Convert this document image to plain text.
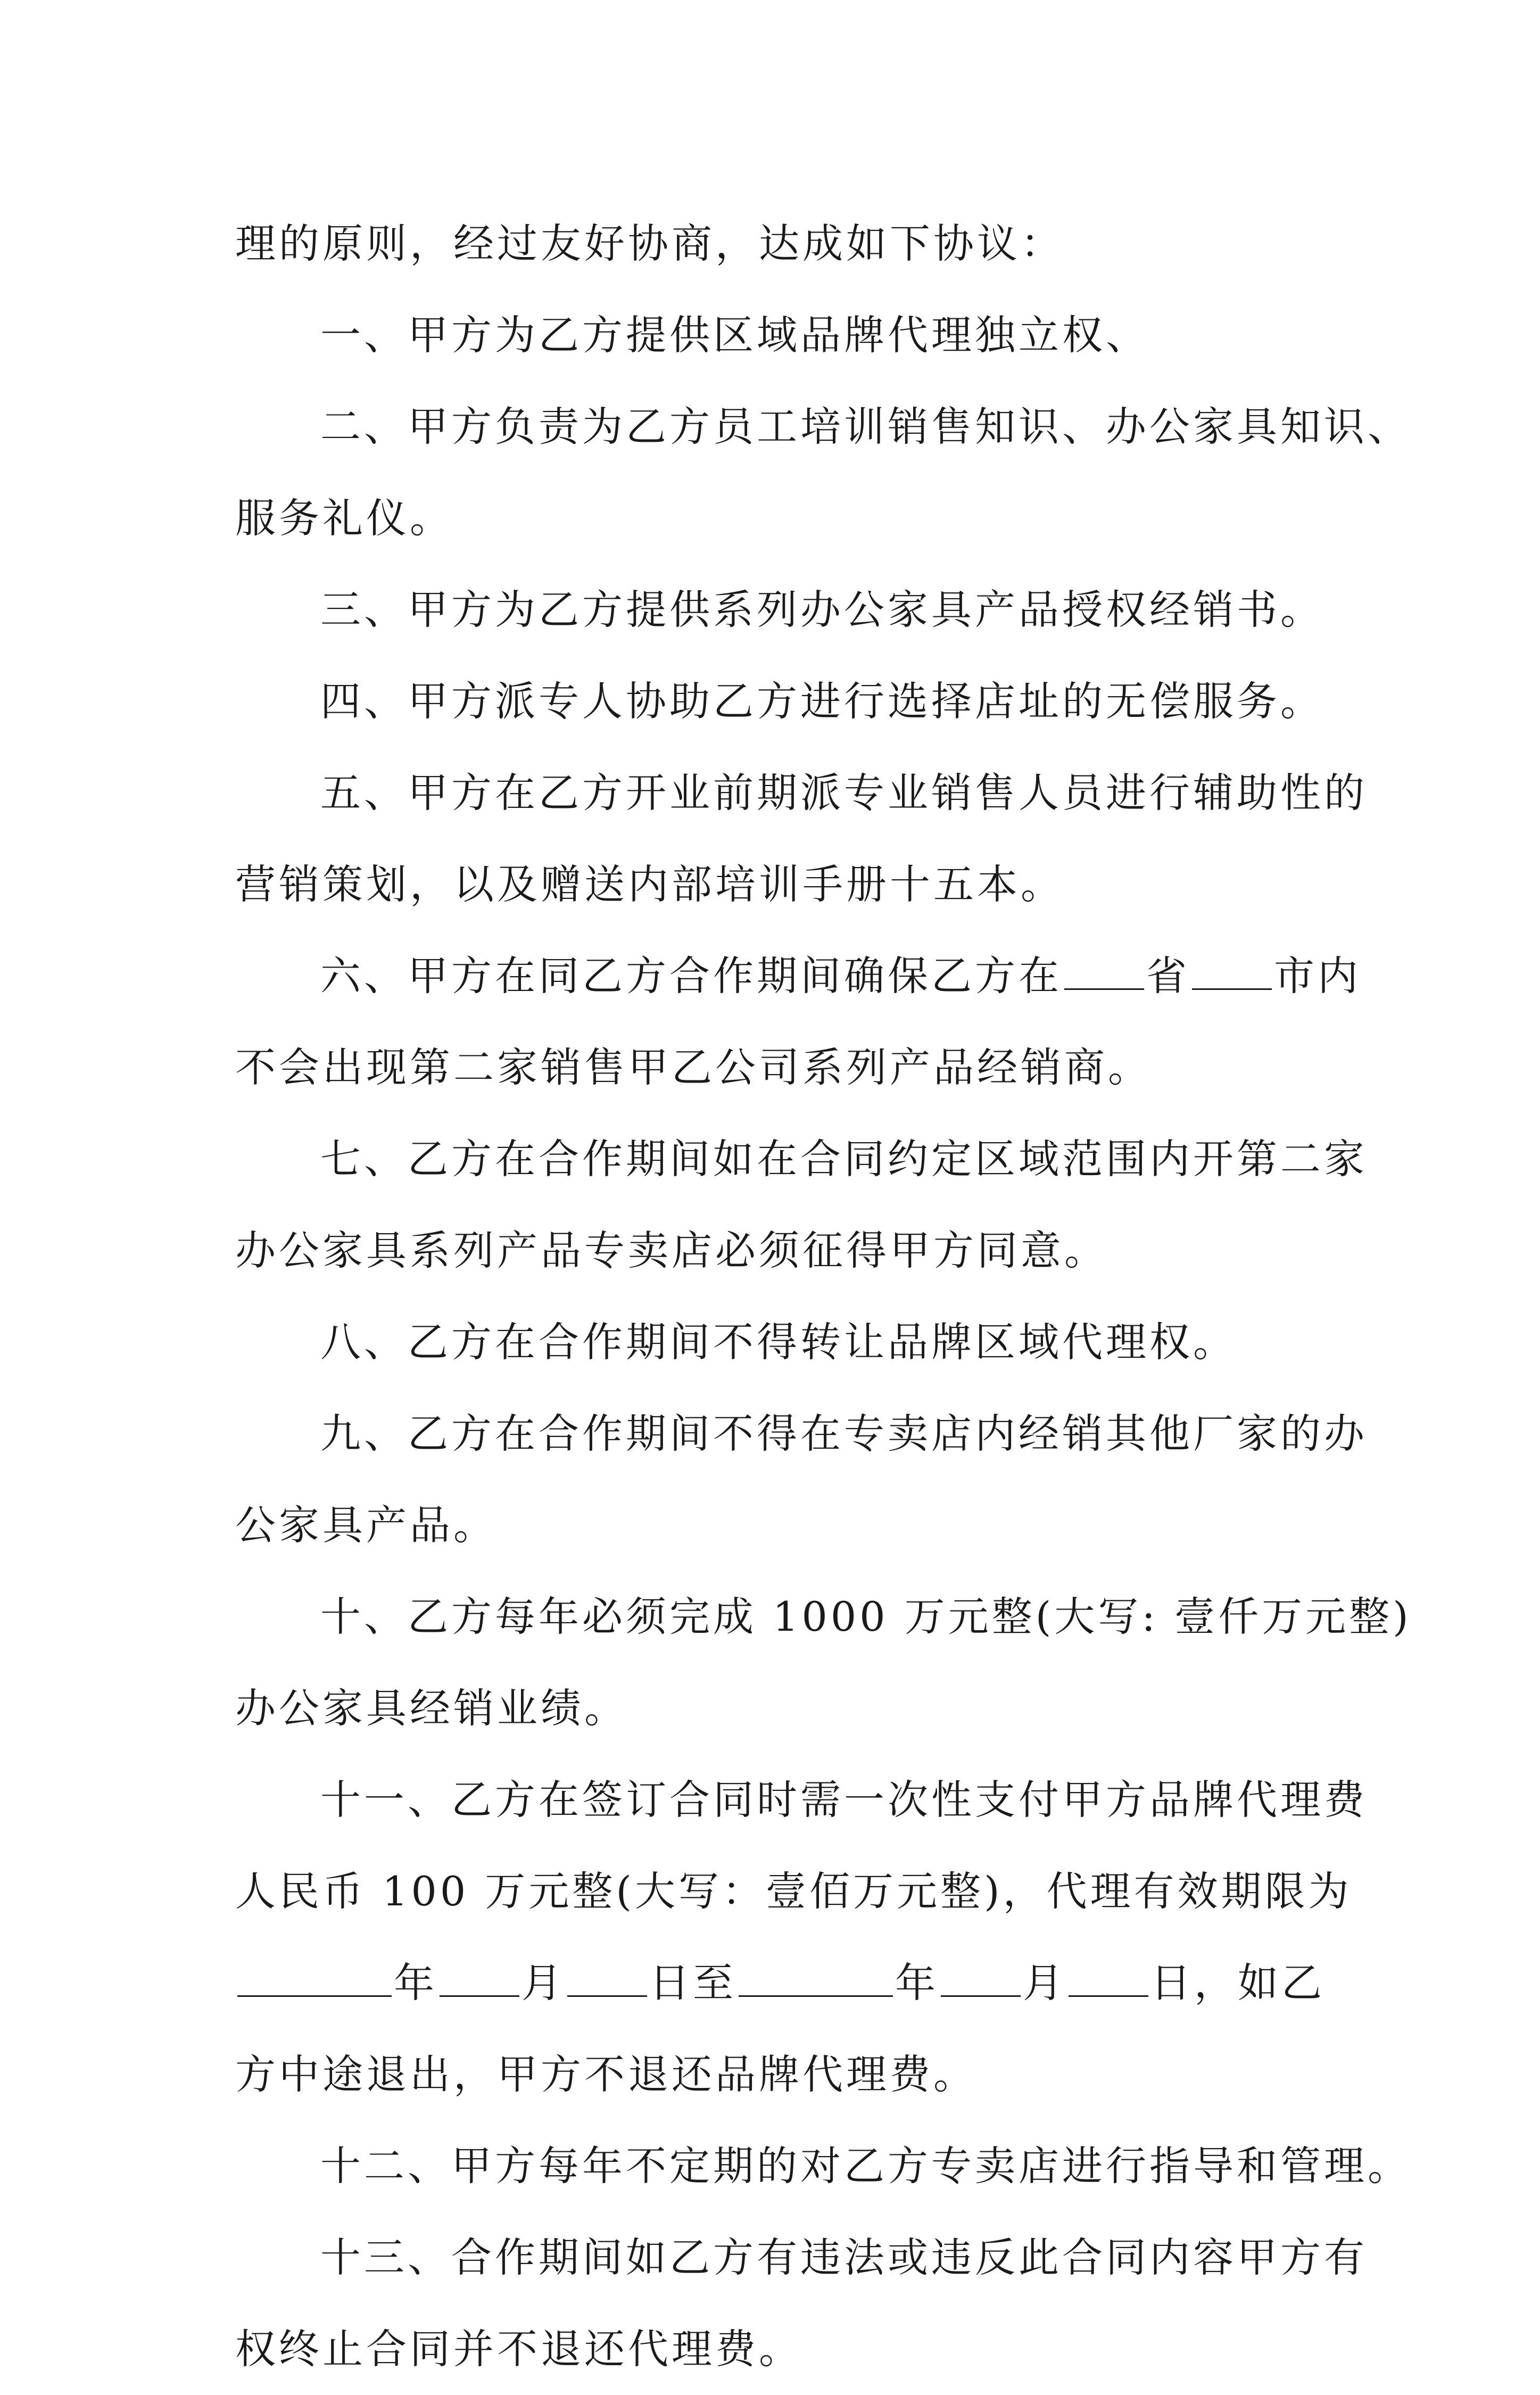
理的原则，经过友好协商，达成如下协议：
一、甲方为乙方提供区域品牌代理独立权、
二、甲方负责为乙方员工培训销售知识、办公家具知识、
服务礼仪。
三、甲方为乙方提供系列办公家具产品授权经销书。
四、甲方派专人协助乙方进行选择店址的无偿服务。
五、甲方在乙方开业前期派专业销售人员进行辅助性的
营销策划，以及赠送内部培训手册十五本。
六、甲方在同乙方合作期间确保乙方在 省 市内
不会出现第二家销售甲乙公司系列产品经销商。
七、乙方在合作期间如在合同约定区域范围内开第二家
办公家具系列产品专卖店必须征得甲方同意。
八、乙方在合作期间不得转让品牌区域代理权。
九、乙方在合作期间不得在专卖店内经销其他厂家的办
公家具产品。
十、乙方每年必须完成 1000 万元整(大写: 壹仟万元整)
办公家具经销业绩。
十一、乙方在签订合同时需一次性支付甲方品牌代理费
人民币 100 万元整(大写：壹佰万元整)，代理有效期限为
年 月 日至	年 月 日，如乙
方中途退出，甲方不退还品牌代理费。
十二、甲方每年不定期的对乙方专卖店进行指导和管理。
十三、合作期间如乙方有违法或违反此合同内容甲方有
权终止合同并不退还代理费。
